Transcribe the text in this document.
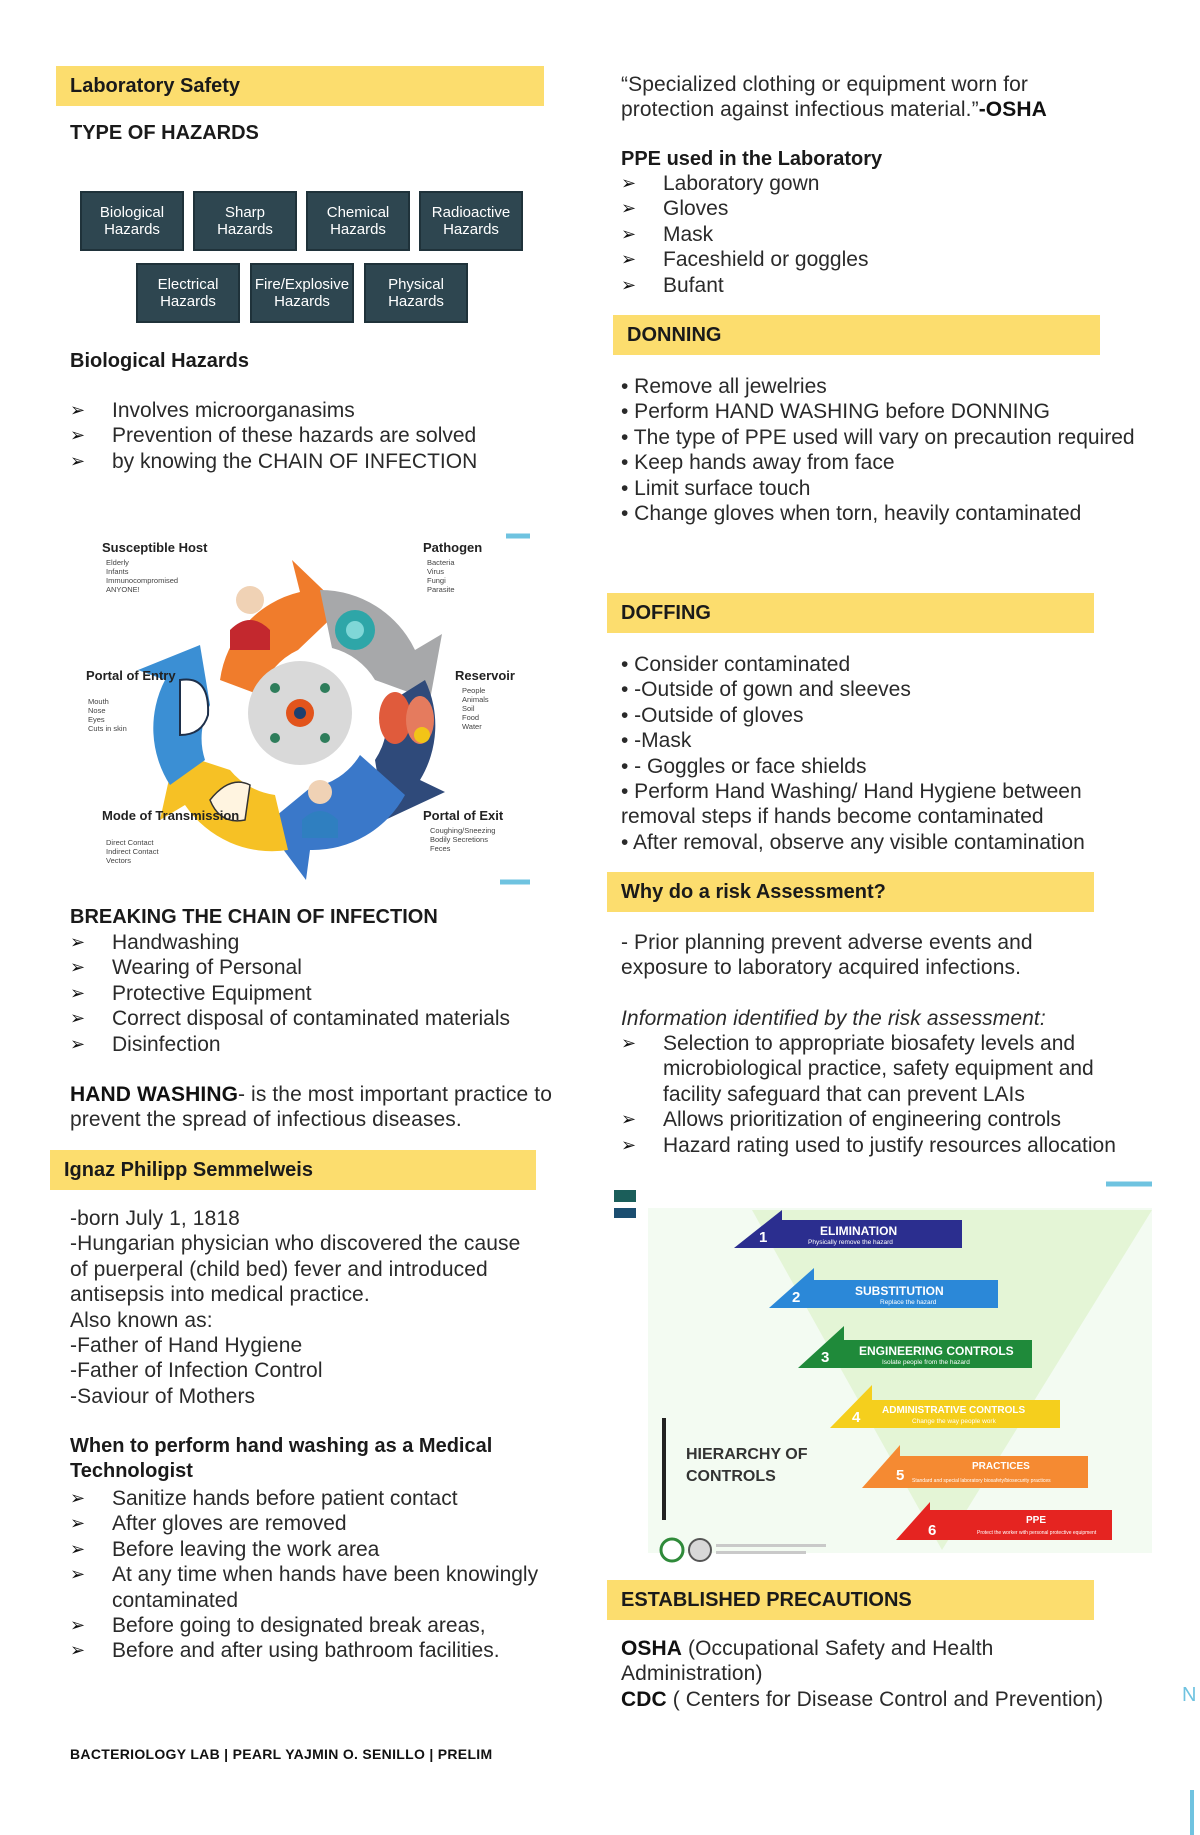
Laboratory Safety
TYPE OF HAZARDS
Biological Hazards
Sharp Hazards
Chemical Hazards
Radioactive Hazards
Electrical Hazards
Fire/Explosive Hazards
Physical Hazards
Biological Hazards
➢ Involves microorganasims
➢ Prevention of these hazards are solved
➢ by knowing the CHAIN OF INFECTION
Susceptible Host
Elderly
Infants
Immunocompromised
ANYONE!
Pathogen
Bacteria
Virus
Fungi
Parasite
Reservoir
People
Animals
Soil
Food
Water
Portal of Entry
Mouth
Nose
Eyes
Cuts in skin
Mode of Transmission
Direct Contact
Indirect Contact
Vectors
Portal of Exit
Coughing/Sneezing
Bodily Secretions
Feces
BREAKING THE CHAIN OF INFECTION
➢ Handwashing
➢ Wearing of Personal
➢ Protective Equipment
➢ Correct disposal of contaminated materials
➢ Disinfection
HAND WASHING- is the most important practice to prevent the spread of infectious diseases.
Ignaz Philipp Semmelweis
-born July 1, 1818
-Hungarian physician who discovered the cause of puerperal (child bed) fever and introduced antisepsis into medical practice.
Also known as:
-Father of Hand Hygiene
-Father of Infection Control
-Saviour of Mothers
When to perform hand washing as a Medical Technologist
➢ Sanitize hands before patient contact
➢ After gloves are removed
➢ Before leaving the work area
➢ At any time when hands have been knowingly contaminated
➢ Before going to designated break areas,
➢ Before and after using bathroom facilities.
“Specialized clothing or equipment worn for protection against infectious material.”-OSHA
PPE used in the Laboratory
➢ Laboratory gown
➢ Gloves
➢ Mask
➢ Faceshield or goggles
➢ Bufant
DONNING
• Remove all jewelries
• Perform HAND WASHING before DONNING
• The type of PPE used will vary on precaution required
• Keep hands away from face
• Limit surface touch
• Change gloves when torn, heavily contaminated
DOFFING
• Consider contaminated
• -Outside of gown and sleeves
• -Outside of gloves
• -Mask
• - Goggles or face shields
• Perform Hand Washing/ Hand Hygiene between removal steps if hands become contaminated
• After removal, observe any visible contamination
Why do a risk Assessment?
- Prior planning prevent adverse events and exposure to laboratory acquired infections.
Information identified by the risk assessment:
➢ Selection to appropriate biosafety levels and microbiological practice, safety equipment and facility safeguard that can prevent LAIs
➢ Allows prioritization of engineering controls
➢ Hazard rating used to justify resources allocation
HIERARCHY OF
CONTROLS
1	ELIMINATION
Physically remove the hazard
2	SUBSTITUTION
Replace the hazard
3 ENGINEERING CONTROLS
Isolate people from the hazard
4 ADMINISTRATIVE CONTROLS
Change the way people work
5
PRACTICES
Standard and special laboratory biosafety/biosecurity practices
6
PPE
Protect the worker with personal protective equipment
ESTABLISHED PRECAUTIONS
OSHA (Occupational Safety and Health Administration)
CDC ( Centers for Disease Control and Prevention)	N
BACTERIOLOGY LAB | PEARL YAJMIN O. SENILLO | PRELIM
